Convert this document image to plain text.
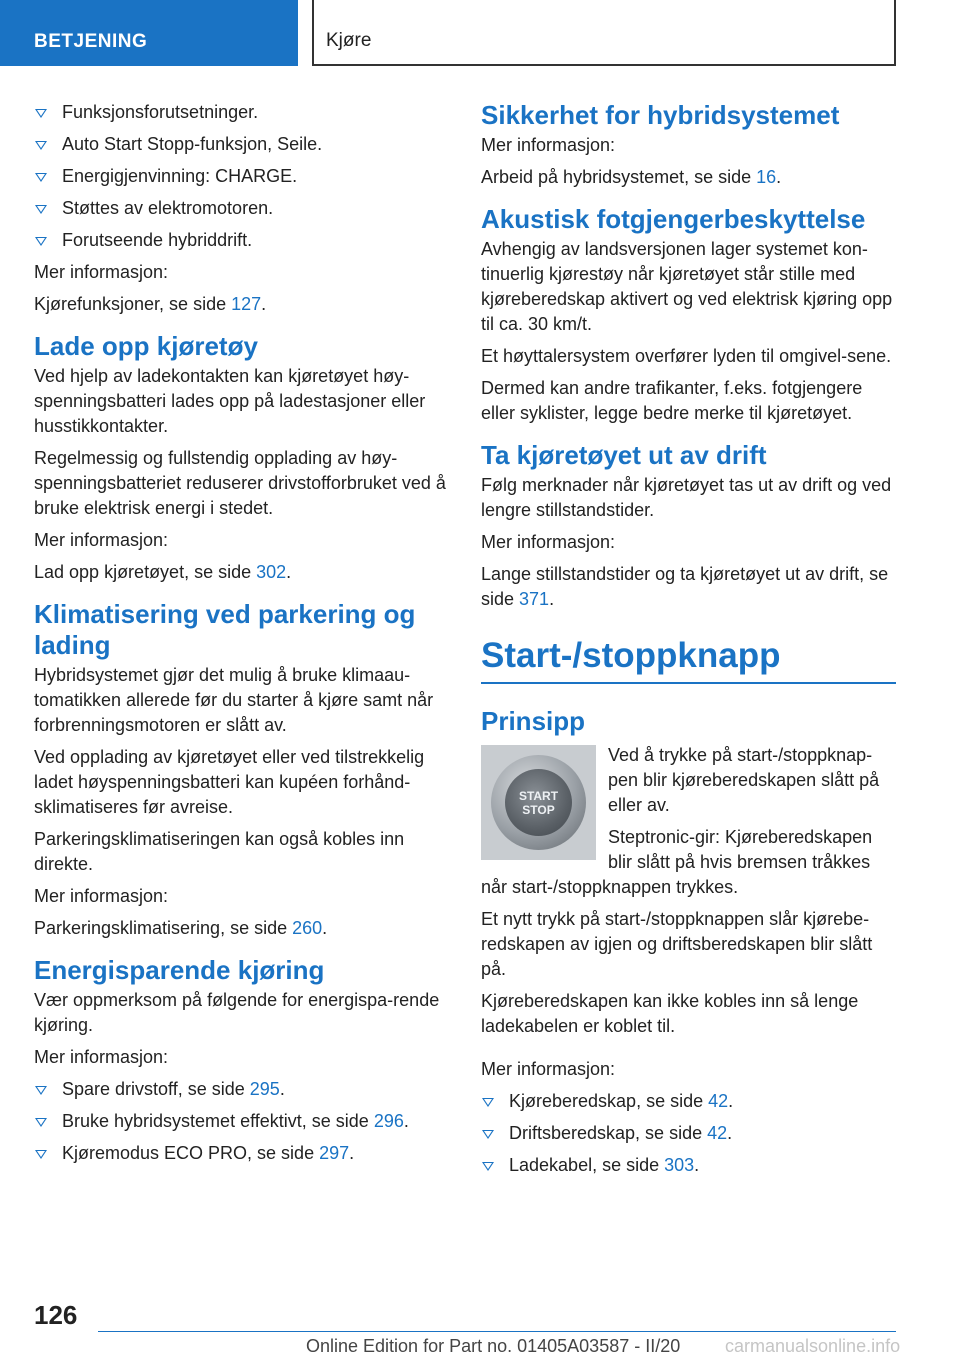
BETJENING	Kjøre
Funksjonsforutsetninger.
Auto Start Stopp-funksjon, Seile.
Energigjenvinning: CHARGE.
Støttes av elektromotoren.
Forutseende hybriddrift.

Mer informasjon:

Kjørefunksjoner, se side 127.

Lade opp kjøretøy

Ved hjelp av ladekontakten kan kjøretøyet høy-spenningsbatteri lades opp på ladestasjoner eller husstikkontakter.

Regelmessig og fullstendig opplading av høy-spenningsbatteriet reduserer drivstofforbruket ved å bruke elektrisk energi i stedet.

Mer informasjon:

Lad opp kjøretøyet, se side 302.

Klimatisering ved parkering og lading

Hybridsystemet gjør det mulig å bruke klimaau-tomatikken allerede før du starter å kjøre samt når forbrenningsmotoren er slått av.

Ved opplading av kjøretøyet eller ved tilstrekkelig ladet høyspenningsbatteri kan kupéen forhånd-sklimatiseres før avreise.

Parkeringsklimatiseringen kan også kobles inn direkte.

Mer informasjon:

Parkeringsklimatisering, se side 260.

Energisparende kjøring

Vær oppmerksom på følgende for energispa-rende kjøring.

Mer informasjon:

Spare drivstoff, se side 295.
Bruke hybridsystemet effektivt, se side 296.
Kjøremodus ECO PRO, se side 297.
Sikkerhet for hybridsystemet

Mer informasjon:

Arbeid på hybridsystemet, se side 16.

Akustisk fotgjengerbeskyttelse

Avhengig av landsversjonen lager systemet kon-tinuerlig kjørestøy når kjøretøyet står stille med kjøreberedskap aktivert og ved elektrisk kjøring opp til ca. 30 km/t.

Et høyttalersystem overfører lyden til omgivel-sene.

Dermed kan andre trafikanter, f.eks. fotgjengere eller syklister, legge bedre merke til kjøretøyet.

Ta kjøretøyet ut av drift

Følg merknader når kjøretøyet tas ut av drift og ved lengre stillstandstider.

Mer informasjon:

Lange stillstandstider og ta kjøretøyet ut av drift, se side 371.

Start-/stoppknapp
Prinsipp
START
STOP

Ved å trykke på start-/stoppknap-pen blir kjøreberedskapen slått på eller av.

Steptronic-gir: Kjøreberedskapen blir slått på hvis bremsen tråkkes når start-/stoppknappen trykkes.

Et nytt trykk på start-/stoppknappen slår kjørebe-redskapen av igjen og driftsberedskapen blir slått på.

Kjøreberedskapen kan ikke kobles inn så lenge ladekabelen er koblet til.

Mer informasjon:

Kjøreberedskap, se side 42.
Driftsberedskap, se side 42.
Ladekabel, se side 303.
126
Online Edition for Part no. 01405A03587 - II/20 carmanualsonline.info
